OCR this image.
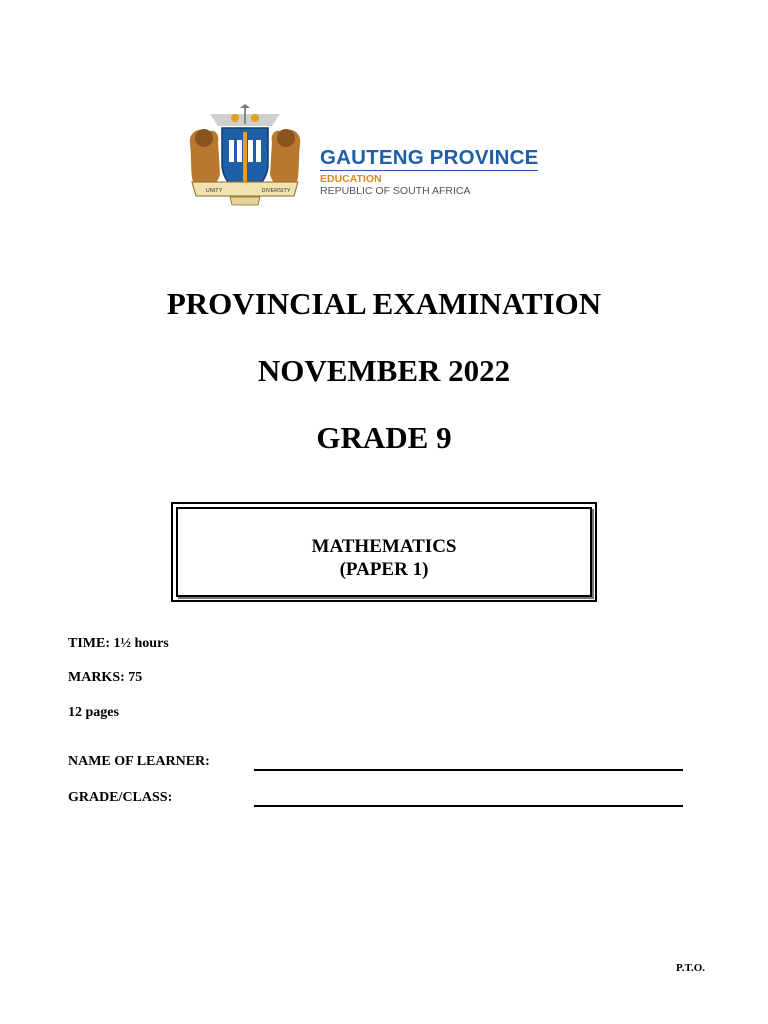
UNITY	DIVERSITY
GAUTENG PROVINCE
EDUCATION
REPUBLIC OF SOUTH AFRICA
PROVINCIAL EXAMINATION
NOVEMBER 2022
GRADE 9
MATHEMATICS
(PAPER 1)
TIME: 1½ hours
MARKS: 75
12 pages
NAME OF LEARNER:
GRADE/CLASS:
P.T.O.
